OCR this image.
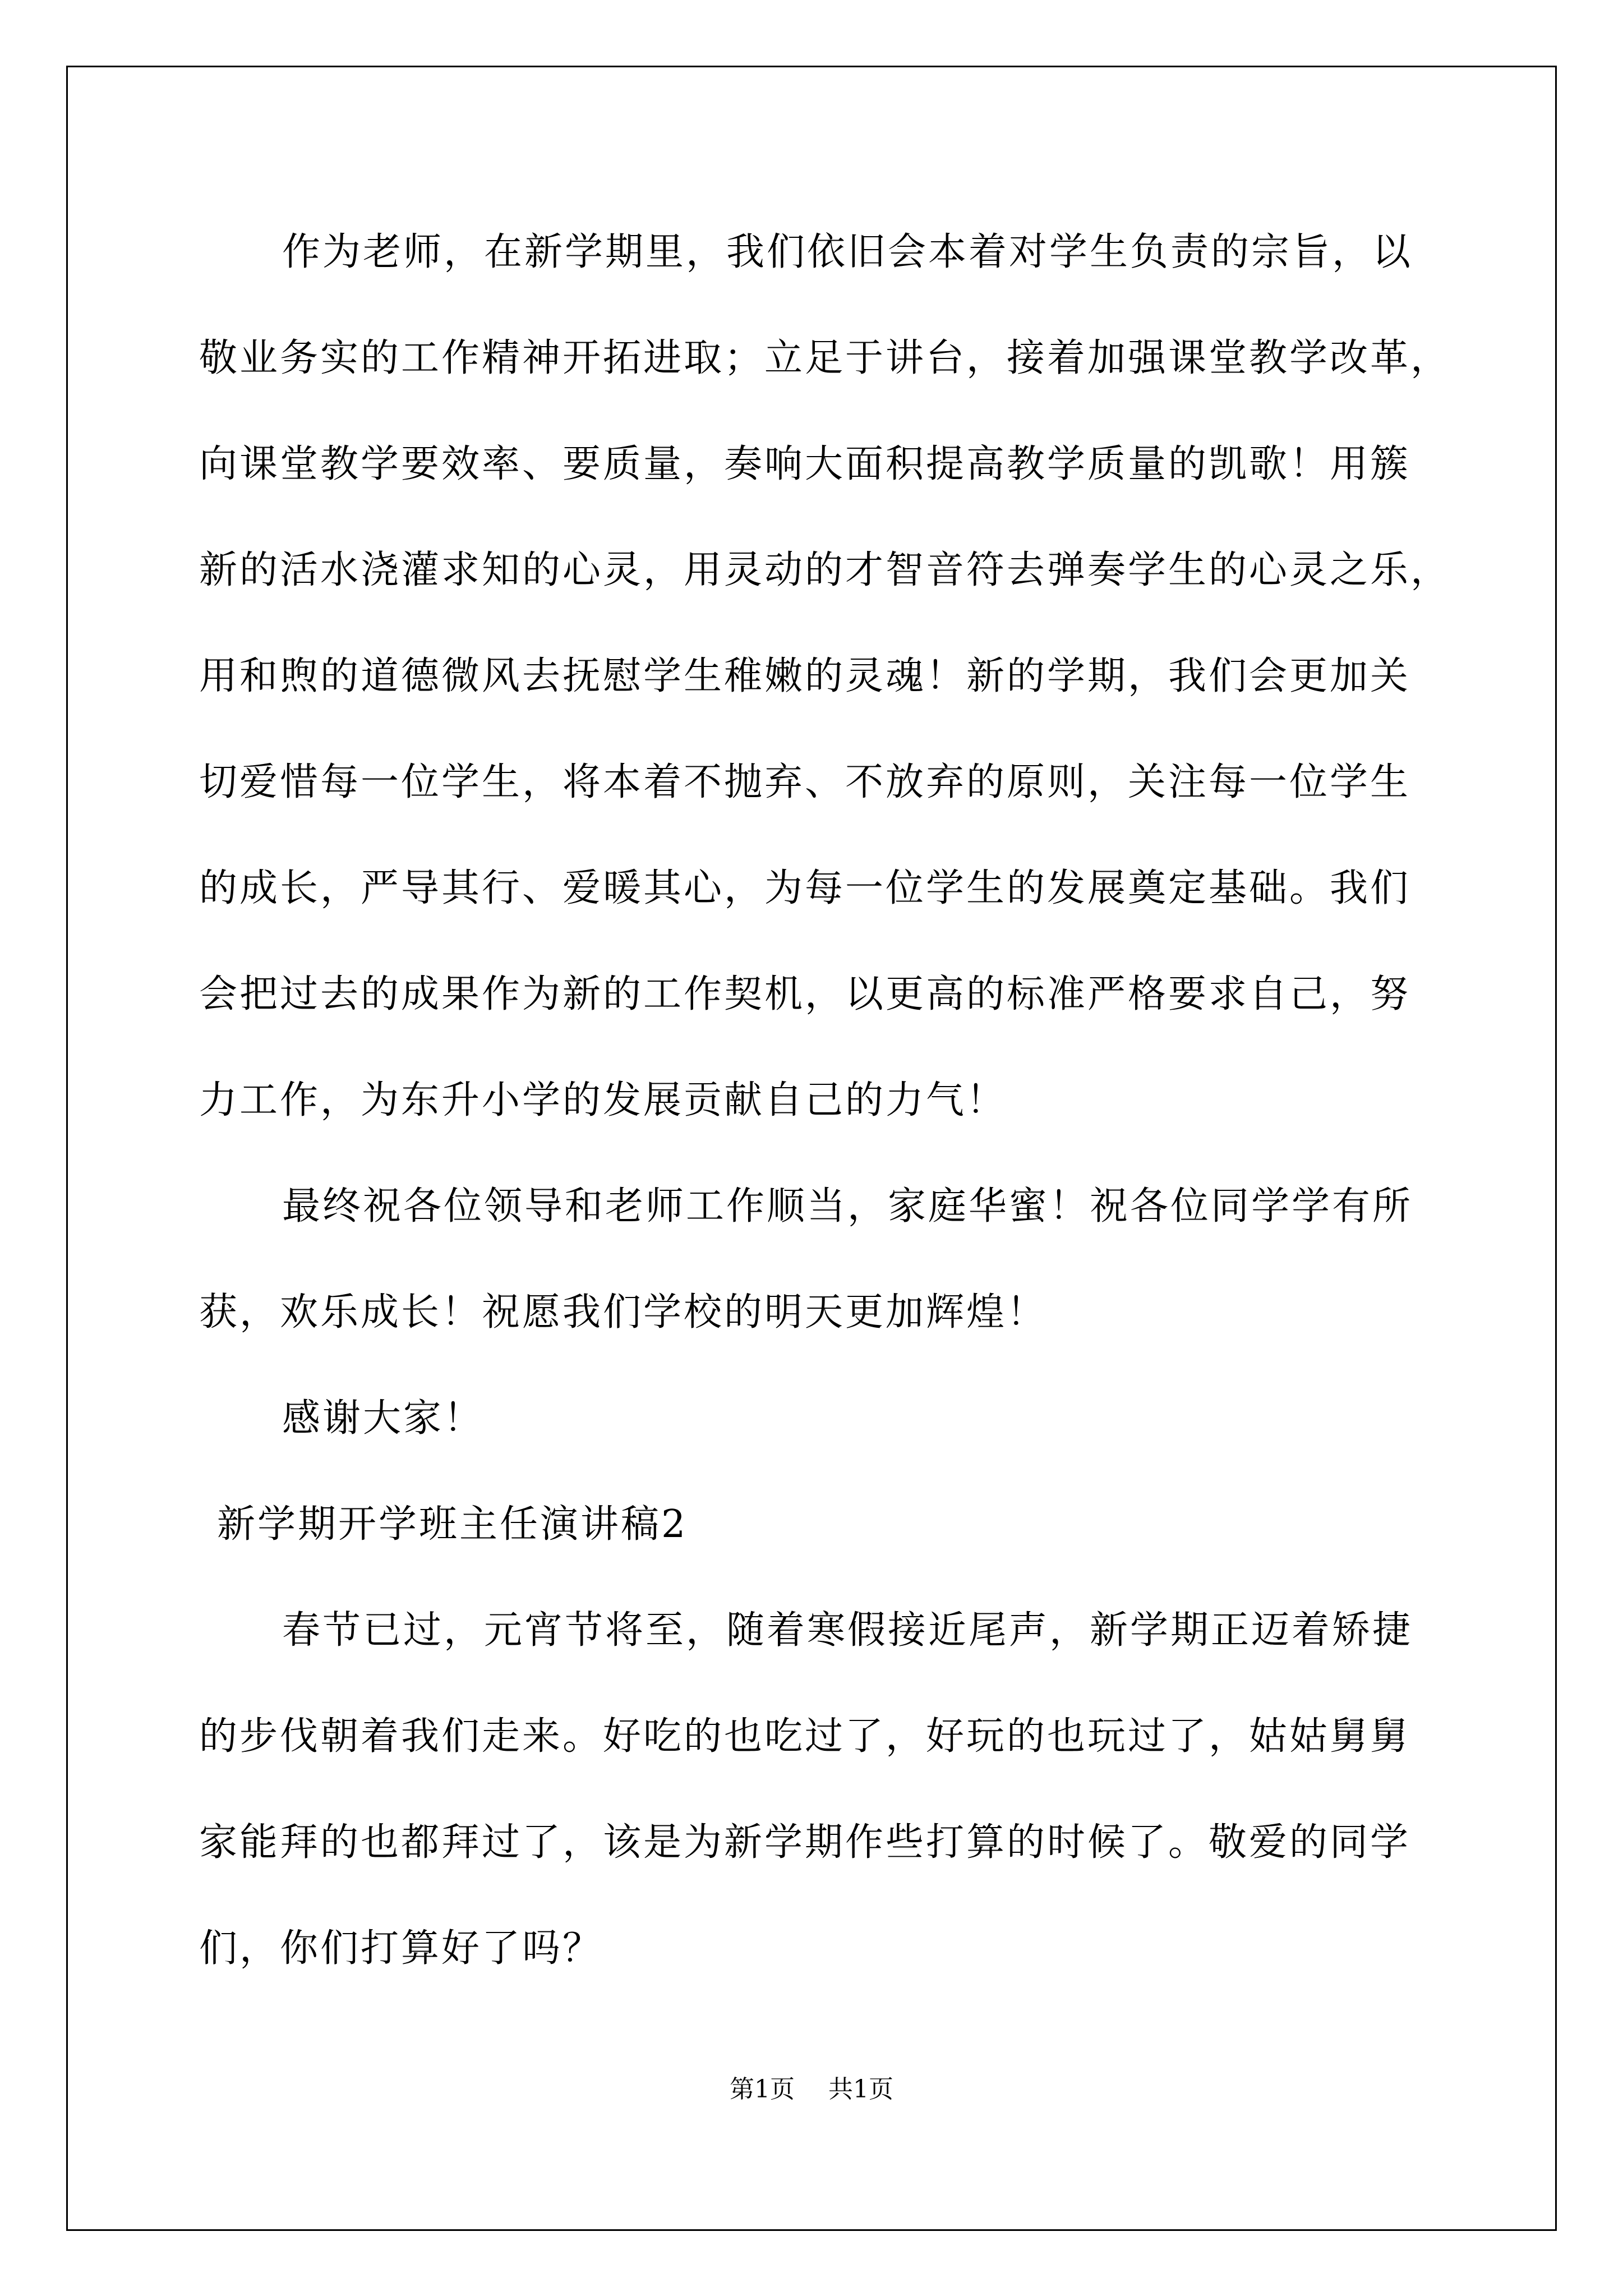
作为老师，在新学期里，我们依旧会本着对学生负责的宗旨，以
敬业务实的工作精神开拓进取；立足于讲台，接着加强课堂教学改革，
向课堂教学要效率、要质量，奏响大面积提高教学质量的凯歌！用簇
新的活水浇灌求知的心灵，用灵动的才智音符去弹奏学生的心灵之乐，
用和煦的道德微风去抚慰学生稚嫩的灵魂！新的学期，我们会更加关
切爱惜每一位学生，将本着不抛弃、不放弃的原则，关注每一位学生
的成长，严导其行、爱暖其心，为每一位学生的发展奠定基础。我们
会把过去的成果作为新的工作契机，以更高的标准严格要求自己，努
力工作，为东升小学的发展贡献自己的力气！
最终祝各位领导和老师工作顺当，家庭华蜜！祝各位同学学有所
获，欢乐成长！祝愿我们学校的明天更加辉煌！
感谢大家！
新学期开学班主任演讲稿2
春节已过，元宵节将至，随着寒假接近尾声，新学期正迈着矫捷
的步伐朝着我们走来。好吃的也吃过了，好玩的也玩过了，姑姑舅舅
家能拜的也都拜过了，该是为新学期作些打算的时候了。敬爱的同学
们，你们打算好了吗？
第1页 共1页
